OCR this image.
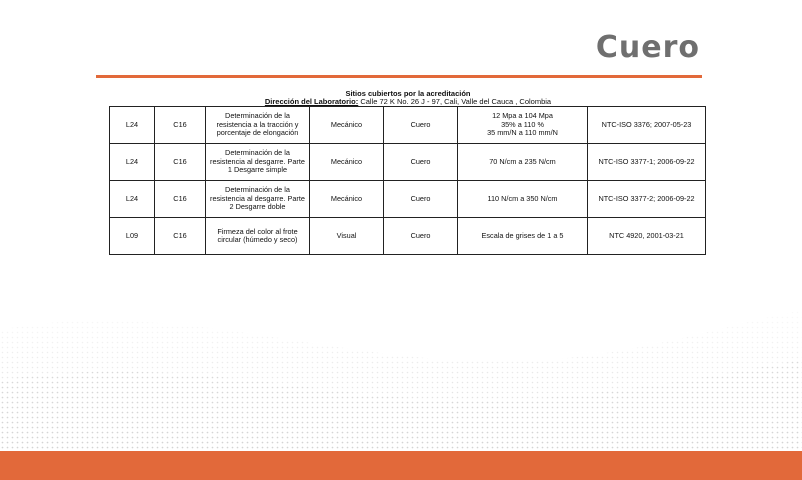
Cuero
Sitios cubiertos por la acreditación
Dirección del Laboratorio: Calle 72 K No. 26 J - 97, Cali, Valle del Cauca , Colombia
L24	C16	Determinación de la resistencia a la tracción y porcentaje de elongación	Mecánico	Cuero	12 Mpa a 104 Mpa
35% a 110 %
35 mm/N a 110 mm/N	NTC-ISO 3376; 2007-05-23
L24	C16	Determinación de la resistencia al desgarre. Parte 1 Desgarre simple	Mecánico	Cuero	70 N/cm a 235 N/cm	NTC-ISO 3377-1; 2006-09-22
L24	C16	Determinación de la resistencia al desgarre. Parte 2 Desgarre doble	Mecánico	Cuero	110 N/cm a 350 N/cm	NTC-ISO 3377-2; 2006-09-22
L09	C16	Firmeza del color al frote circular (húmedo y seco)	Visual	Cuero	Escala de grises de 1 a 5	NTC 4920, 2001-03-21
